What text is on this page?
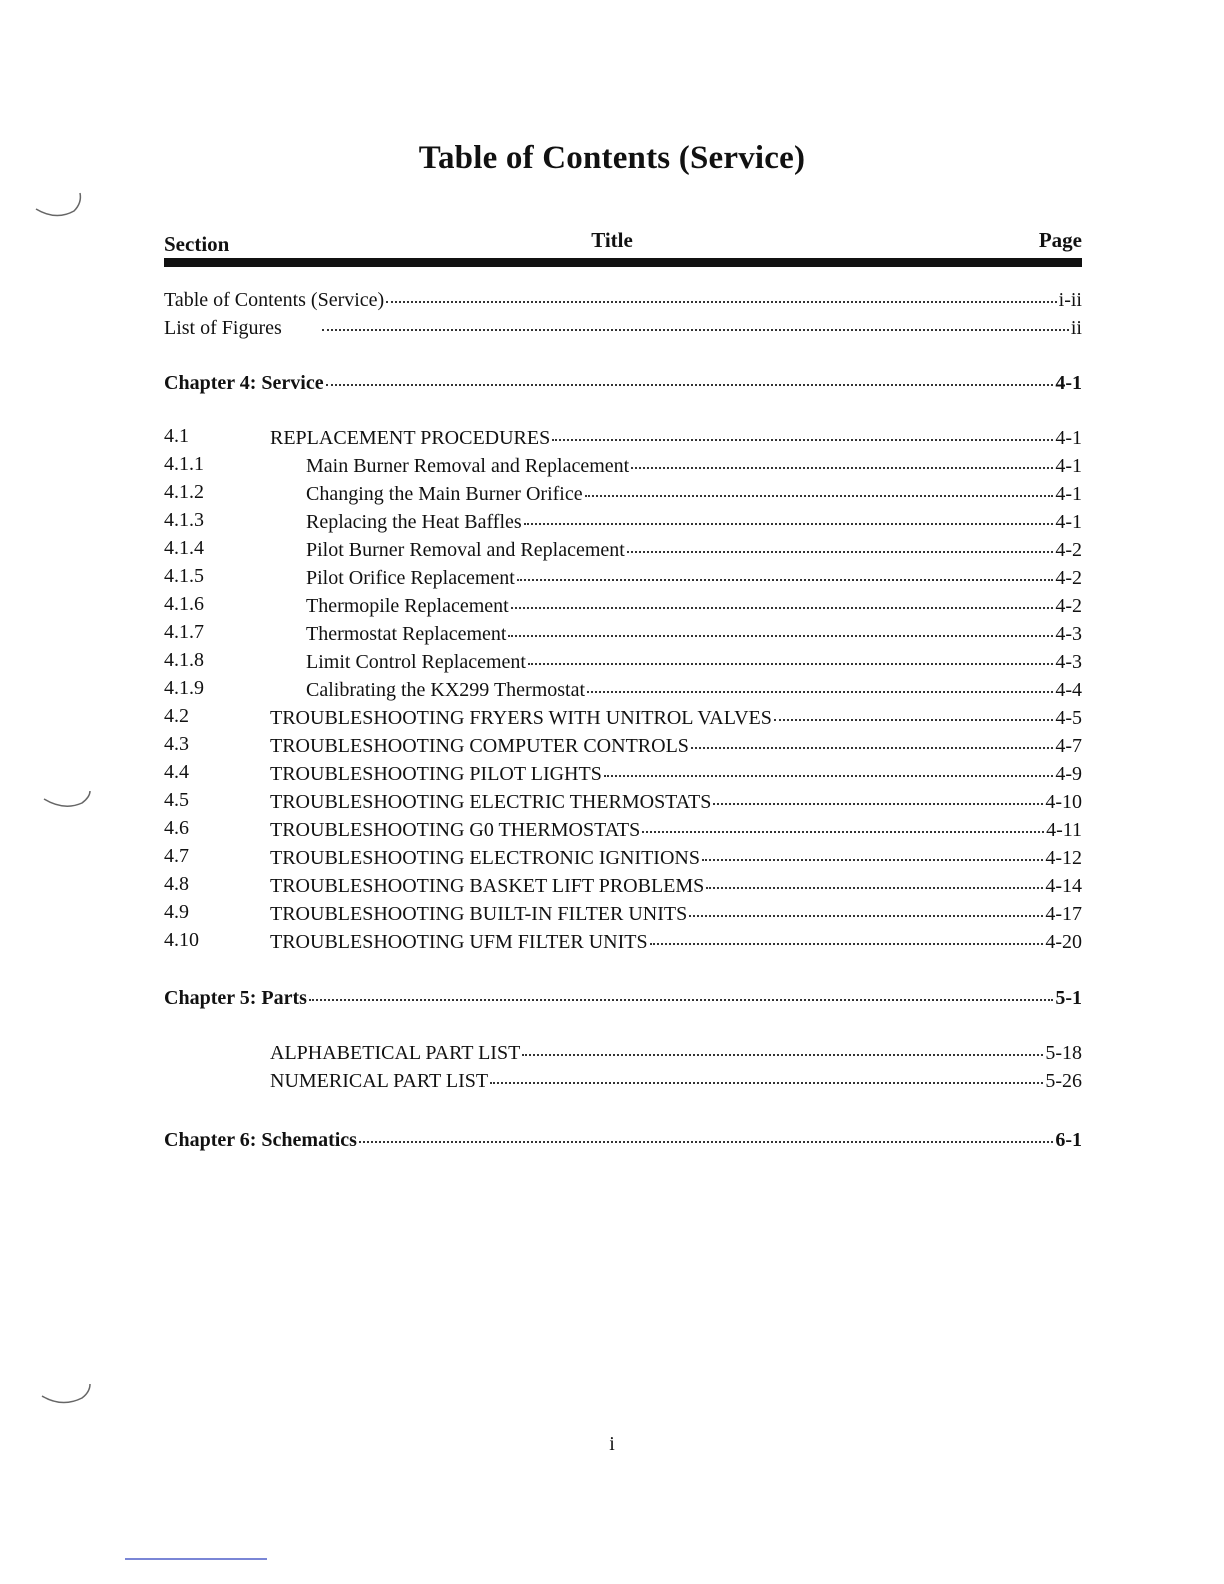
Table of Contents (Service)
Section	Title	Page
Table of Contents (Service)	i-ii
List of Figures	ii
Chapter 4: Service	4-1
4.1	REPLACEMENT PROCEDURES	4-1
4.1.1	Main Burner Removal and Replacement	4-1
4.1.2	Changing the Main Burner Orifice	4-1
4.1.3	Replacing the Heat Baffles	4-1
4.1.4	Pilot Burner Removal and Replacement	4-2
4.1.5	Pilot Orifice Replacement	4-2
4.1.6	Thermopile Replacement	4-2
4.1.7	Thermostat Replacement	4-3
4.1.8	Limit Control Replacement	4-3
4.1.9	Calibrating the KX299 Thermostat	4-4
4.2	TROUBLESHOOTING FRYERS WITH UNITROL VALVES	4-5
4.3	TROUBLESHOOTING COMPUTER CONTROLS	4-7
4.4	TROUBLESHOOTING PILOT LIGHTS	4-9
4.5	TROUBLESHOOTING ELECTRIC THERMOSTATS	4-10
4.6	TROUBLESHOOTING G0 THERMOSTATS	4-11
4.7	TROUBLESHOOTING ELECTRONIC IGNITIONS	4-12
4.8	TROUBLESHOOTING BASKET LIFT PROBLEMS	4-14
4.9	TROUBLESHOOTING BUILT-IN FILTER UNITS	4-17
4.10	TROUBLESHOOTING UFM FILTER UNITS	4-20
Chapter 5: Parts	5-1
ALPHABETICAL PART LIST	5-18
NUMERICAL PART LIST	5-26
Chapter 6: Schematics	6-1
i
